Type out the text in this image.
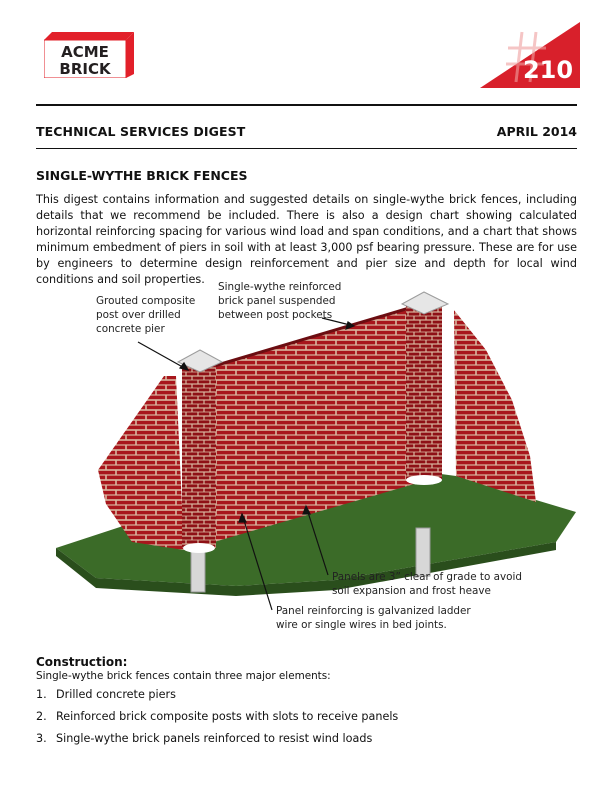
ACME
BRICK	210
TECHNICAL SERVICES DIGEST	APRIL 2014
SINGLE-WYTHE BRICK FENCES

This digest contains information and suggested details on single-wythe brick fences, including details that we recommend be included. There is also a design chart showing calculated horizontal reinforcing spacing for various wind load and span conditions, and a chart that shows minimum embedment of piers in soil with at least 3,000 psf bearing pressure. These are for use by engineers to determine design reinforcement and pier size and depth for local wind conditions and soil properties.

Grouted composite
post over drilled
concrete pier
Single-wythe reinforced
brick panel suspended
between post pockets
Panels are 3” clear of grade to avoid
soil expansion and frost heave
Panel reinforcing is galvanized ladder
wire or single wires in bed joints.
Construction:
Single-wythe brick fences contain three major elements:
1. Drilled concrete piers
2. Reinforced brick composite posts with slots to receive panels
3. Single-wythe brick panels reinforced to resist wind loads
